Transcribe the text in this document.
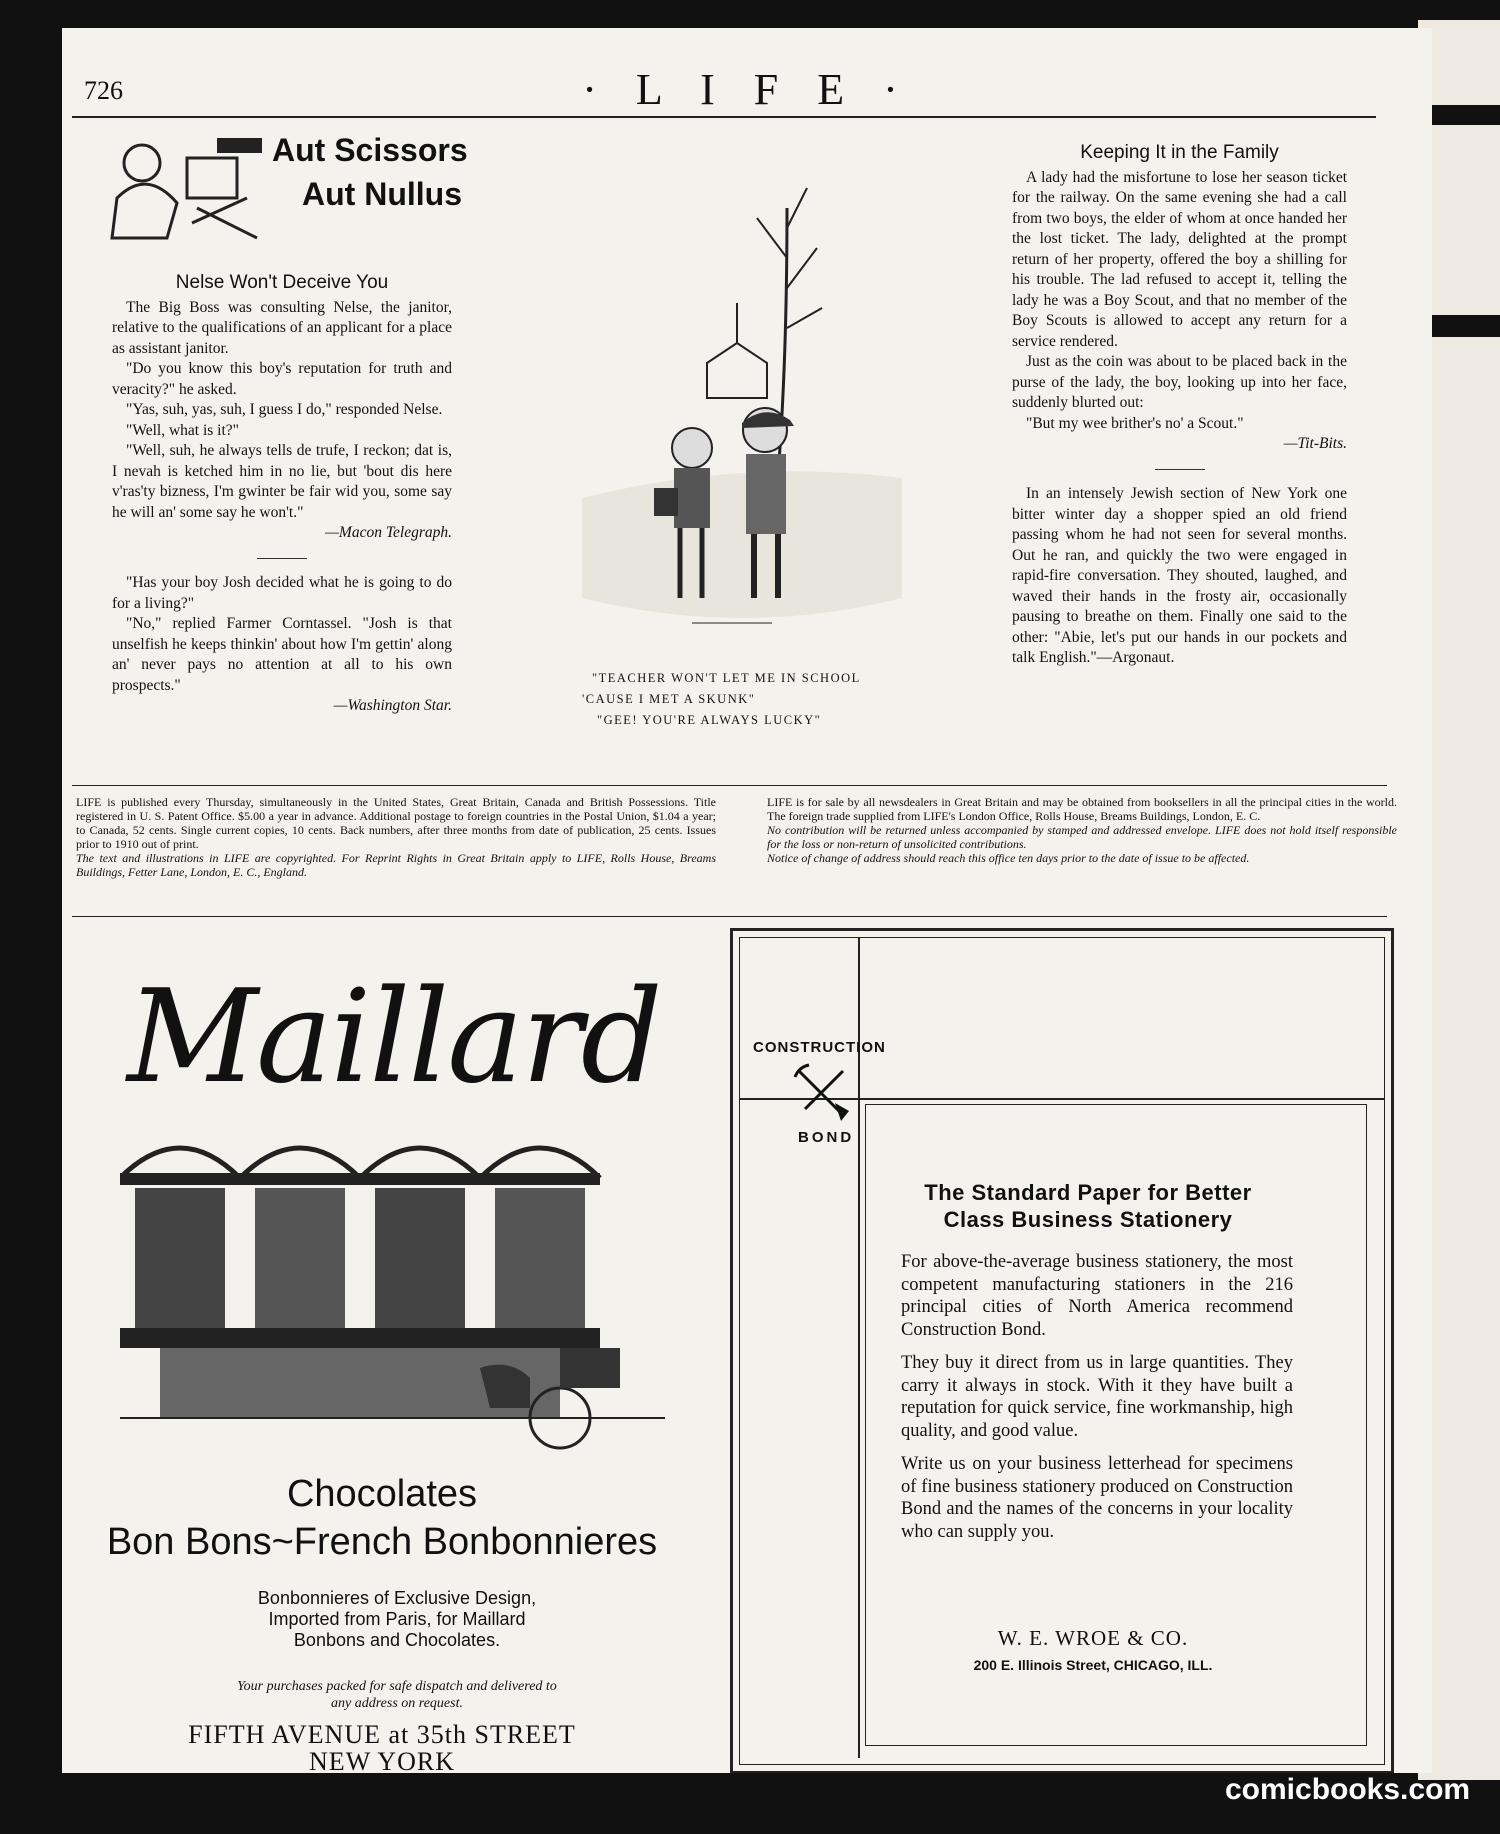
726	· L I F E ·
Aut Scissors
Aut Nullus
Nelse Won't Deceive You

The Big Boss was consulting Nelse, the janitor, relative to the qualifications of an applicant for a place as assistant janitor.

"Do you know this boy's reputation for truth and veracity?" he asked.

"Yas, suh, yas, suh, I guess I do," responded Nelse.

"Well, what is it?"

"Well, suh, he always tells de trufe, I reckon; dat is, I nevah is ketched him in no lie, but 'bout dis here v'ras'ty bizness, I'm gwinter be fair wid you, some say he will an' some say he won't."

—Macon Telegraph.

"Has your boy Josh decided what he is going to do for a living?"

"No," replied Farmer Corntassel. "Josh is that unselfish he keeps thinkin' about how I'm gettin' along an' never pays no attention at all to his own prospects."

—Washington Star.

"TEACHER WON'T LET ME IN SCHOOL
'CAUSE I MET A SKUNK"
"GEE! YOU'RE ALWAYS LUCKY"
Keeping It in the Family

A lady had the misfortune to lose her season ticket for the railway. On the same evening she had a call from two boys, the elder of whom at once handed her the lost ticket. The lady, delighted at the prompt return of her property, offered the boy a shilling for his trouble. The lad refused to accept it, telling the lady he was a Boy Scout, and that no member of the Boy Scouts is allowed to accept any return for a service rendered.

Just as the coin was about to be placed back in the purse of the lady, the boy, looking up into her face, suddenly blurted out:

"But my wee brither's no' a Scout."

—Tit-Bits.

In an intensely Jewish section of New York one bitter winter day a shopper spied an old friend passing whom he had not seen for several months. Out he ran, and quickly the two were engaged in rapid-fire conversation. They shouted, laughed, and waved their hands in the frosty air, occasionally pausing to breathe on them. Finally one said to the other: "Abie, let's put our hands in our pockets and talk English."—Argonaut.

LIFE is published every Thursday, simultaneously in the United States, Great Britain, Canada and British Possessions. Title registered in U. S. Patent Office. $5.00 a year in advance. Additional postage to foreign countries in the Postal Union, $1.04 a year; to Canada, 52 cents. Single current copies, 10 cents. Back numbers, after three months from date of publication, 25 cents. Issues prior to 1910 out of print.

The text and illustrations in LIFE are copyrighted. For Reprint Rights in Great Britain apply to LIFE, Rolls House, Breams Buildings, Fetter Lane, London, E. C., England.

LIFE is for sale by all newsdealers in Great Britain and may be obtained from booksellers in all the principal cities in the world. The foreign trade supplied from LIFE's London Office, Rolls House, Breams Buildings, London, E. C.

No contribution will be returned unless accompanied by stamped and addressed envelope. LIFE does not hold itself responsible for the loss or non-return of unsolicited contributions.

Notice of change of address should reach this office ten days prior to the date of issue to be affected.

Maillard
Chocolates
Bon Bons~French Bonbonnieres
Bonbonnieres of Exclusive Design, Imported from Paris, for Maillard Bonbons and Chocolates.
Your purchases packed for safe dispatch and delivered to any address on request.
FIFTH AVENUE at 35th STREET
NEW YORK
CONSTRUCTION
BOND
The Standard Paper for Better
Class Business Stationery

For above-the-average business stationery, the most competent manufacturing stationers in the 216 principal cities of North America recommend Construction Bond.

They buy it direct from us in large quantities. They carry it always in stock. With it they have built a reputation for quick service, fine workmanship, high quality, and good value.

Write us on your business letterhead for specimens of fine business stationery produced on Construction Bond and the names of the concerns in your locality who can supply you.

W. E. WROE & CO.
200 E. Illinois Street, CHICAGO, ILL.
comicbooks.com
